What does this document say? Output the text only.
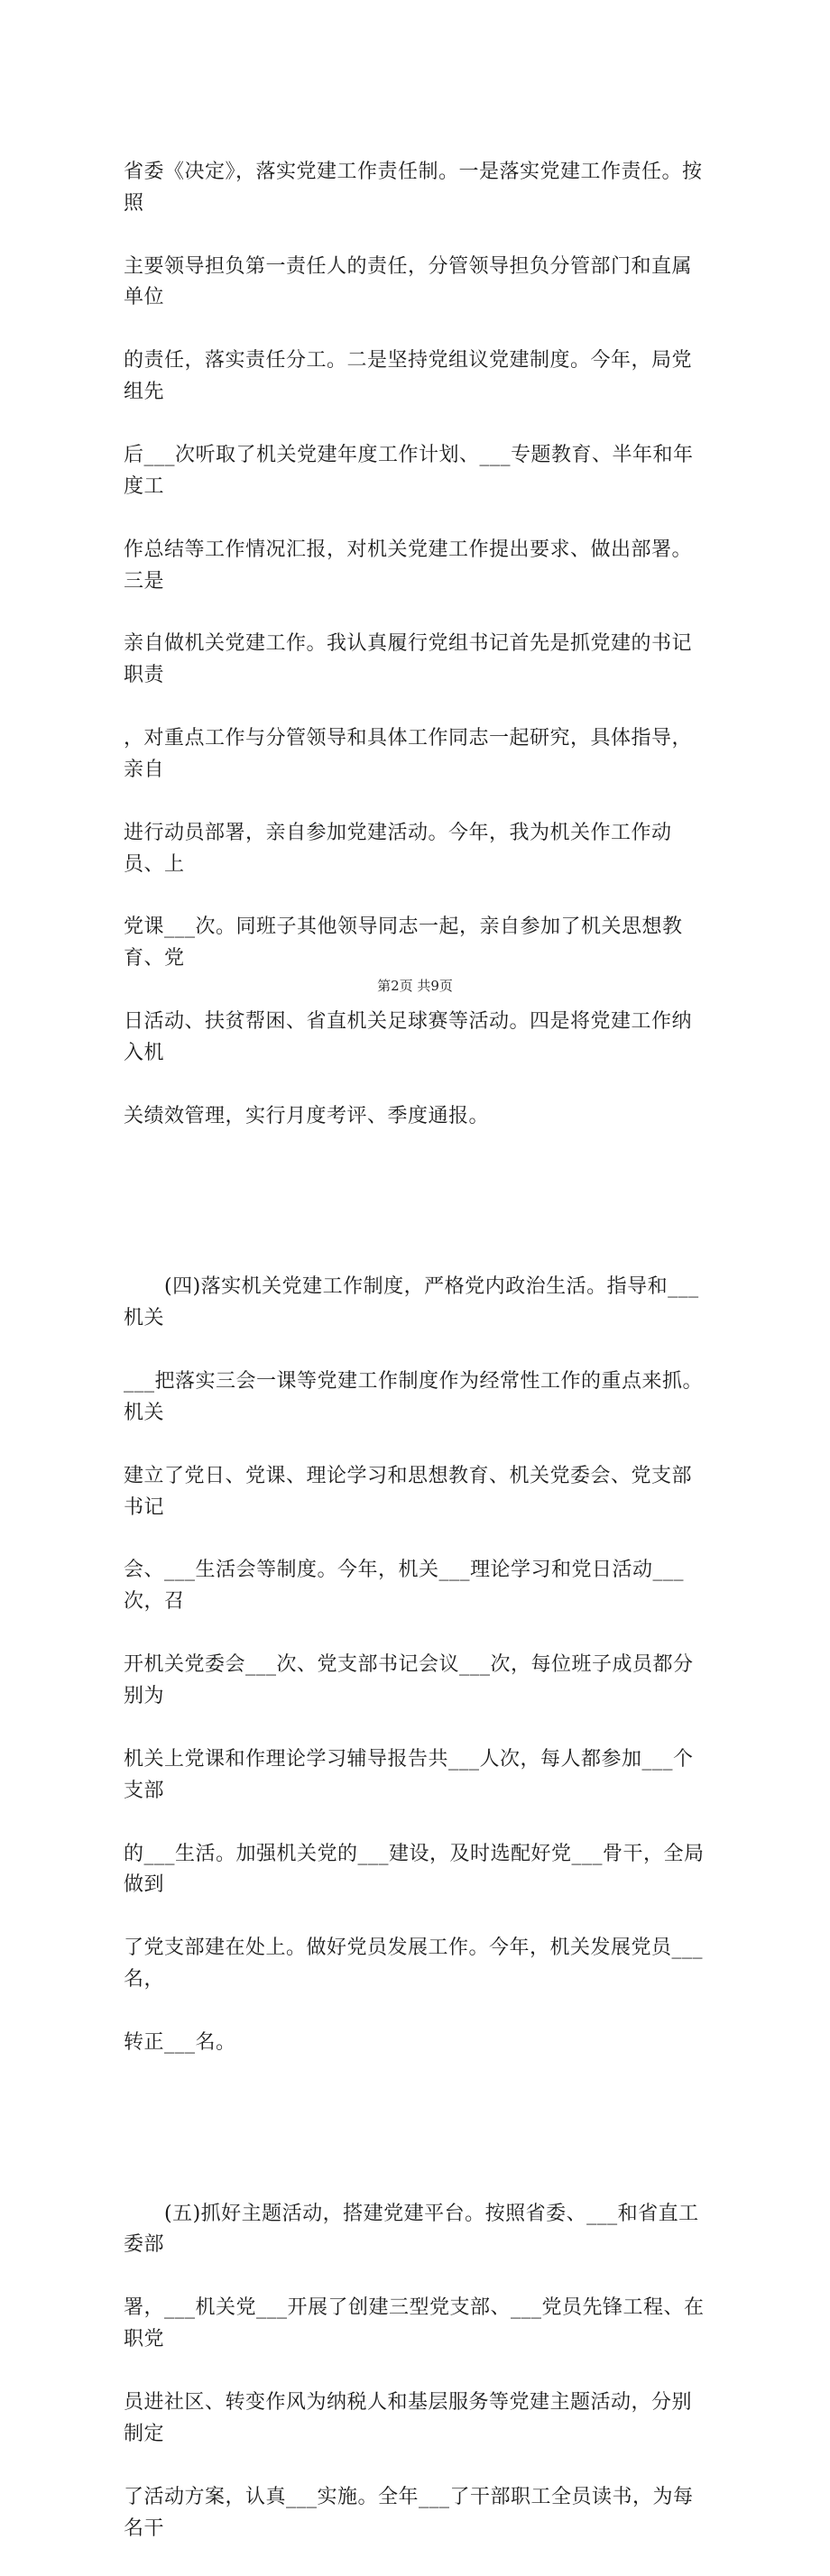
省委《决定》，落实党建工作责任制。一是落实党建工作责任。按照

主要领导担负第一责任人的责任，分管领导担负分管部门和直属单位

的责任，落实责任分工。二是坚持党组议党建制度。今年，局党组先

后___次听取了机关党建年度工作计划、___专题教育、半年和年度工

作总结等工作情况汇报，对机关党建工作提出要求、做出部署。三是

亲自做机关党建工作。我认真履行党组书记首先是抓党建的书记职责

，对重点工作与分管领导和具体工作同志一起研究，具体指导，亲自

进行动员部署，亲自参加党建活动。今年，我为机关作工作动员、上

党课___次。同班子其他领导同志一起，亲自参加了机关思想教育、党

日活动、扶贫帮困、省直机关足球赛等活动。四是将党建工作纳入机

关绩效管理，实行月度考评、季度通报。

　　(四)落实机关党建工作制度，严格党内政治生活。指导和___机关

___把落实三会一课等党建工作制度作为经常性工作的重点来抓。机关

建立了党日、党课、理论学习和思想教育、机关党委会、党支部书记

会、___生活会等制度。今年，机关___理论学习和党日活动___次，召

开机关党委会___次、党支部书记会议___次，每位班子成员都分别为

机关上党课和作理论学习辅导报告共___人次，每人都参加___个支部

的___生活。加强机关党的___建设，及时选配好党___骨干，全局做到

了党支部建在处上。做好党员发展工作。今年，机关发展党员___名，

转正___名。

　　(五)抓好主题活动，搭建党建平台。按照省委、___和省直工委部

署，___机关党___开展了创建三型党支部、___党员先锋工程、在职党

员进社区、转变作风为纳税人和基层服务等党建主题活动，分别制定

了活动方案，认真___实施。全年___了干部职工全员读书，为每名干

第2页 共9页
